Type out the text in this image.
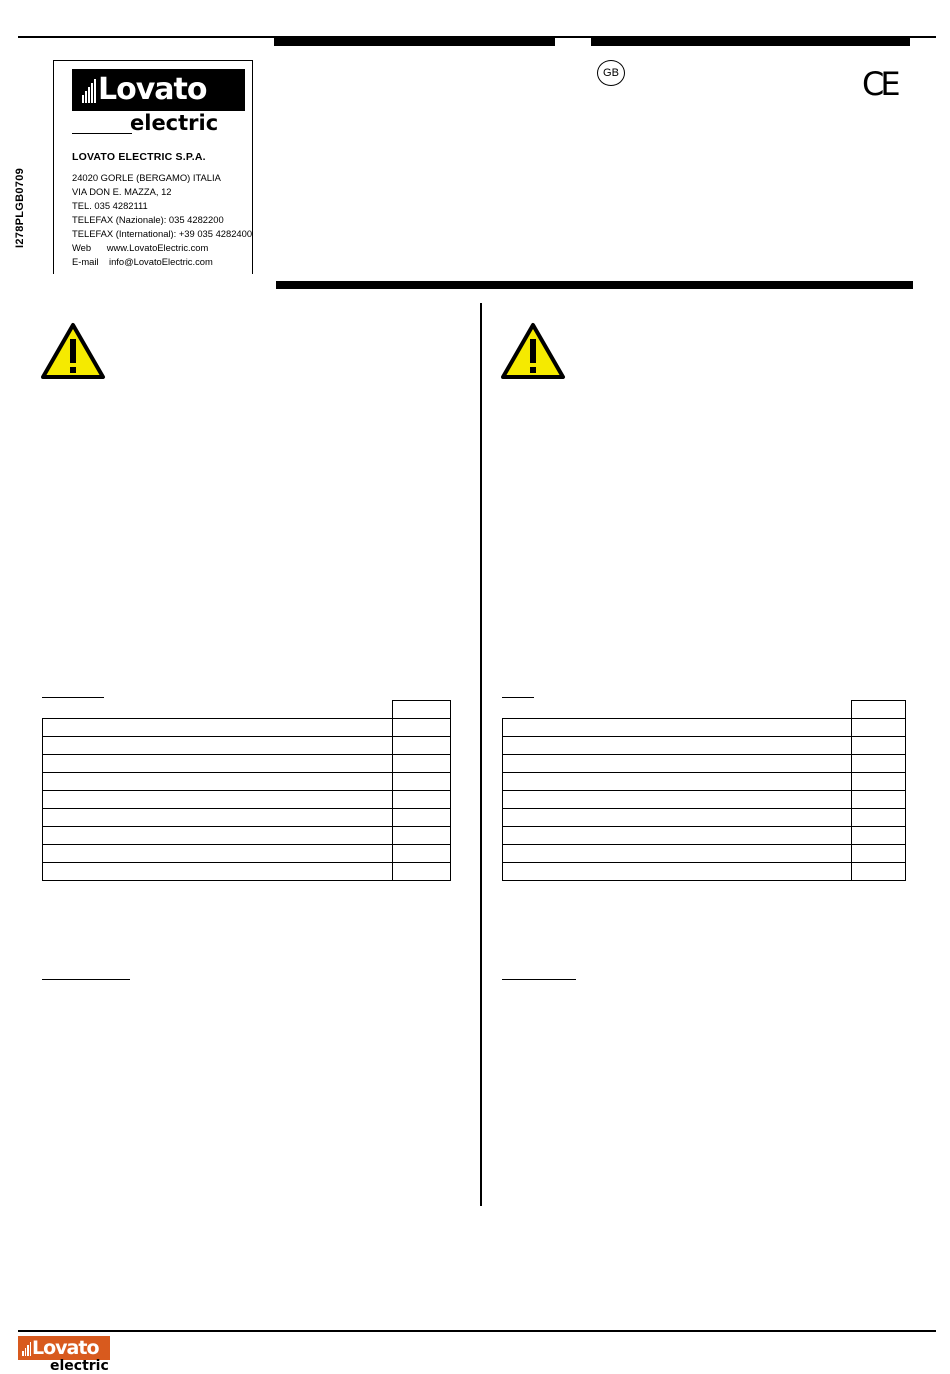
I278PLGB0709
Lovato
®
electric
LOVATO ELECTRIC S.P.A.
24020 GORLE (BERGAMO) ITALIA
VIA DON E. MAZZA, 12
TEL. 035 4282111
TELEFAX (Nazionale): 035 4282200
TELEFAX (International): +39 035 4282400
Web      www.LovatoElectric.com
E-mail    info@LovatoElectric.com
GB	CE

Lovato
electric
